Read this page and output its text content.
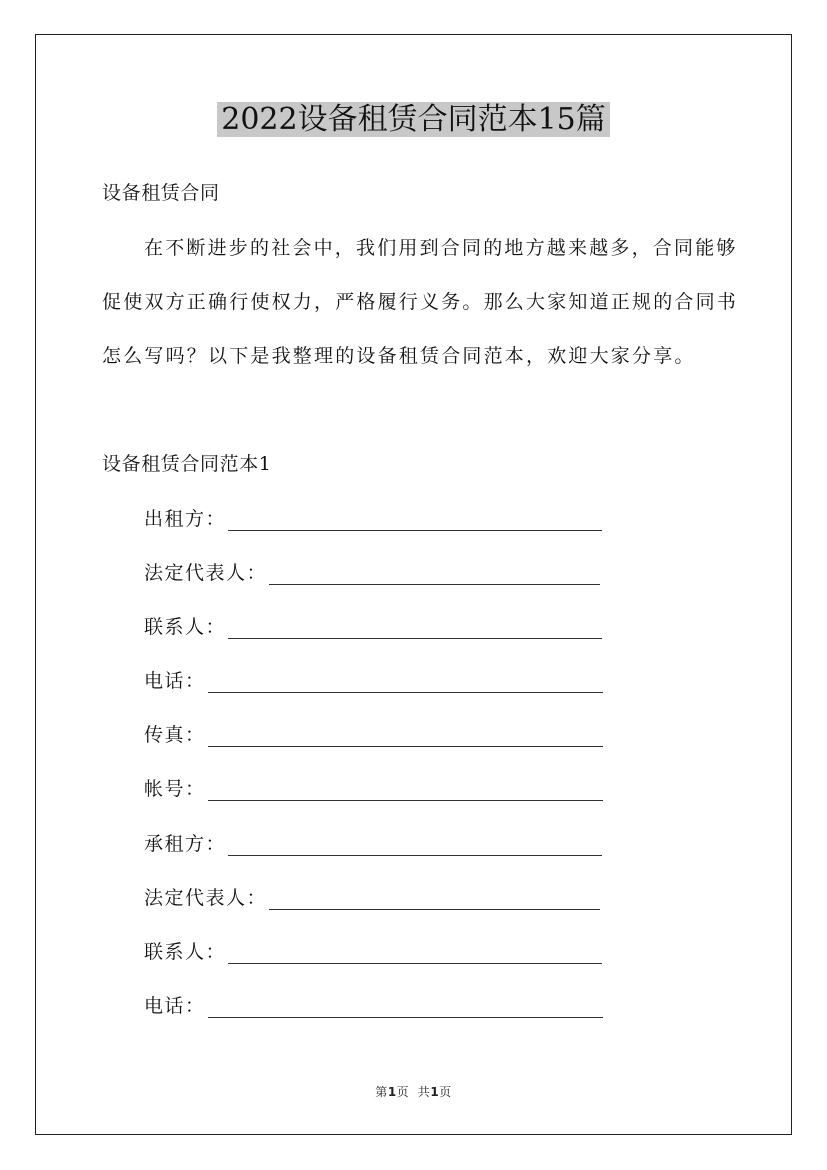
2022设备租赁合同范本15篇
设备租赁合同
在不断进步的社会中，我们用到合同的地方越来越多，合同能够
促使双方正确行使权力，严格履行义务。那么大家知道正规的合同书
怎么写吗？以下是我整理的设备租赁合同范本，欢迎大家分享。
设备租赁合同范本1
出租方：
法定代表人：
联系人：
电话：
传真：
帐号：
承租方：
法定代表人：
联系人：
电话：
第1页  共1页
